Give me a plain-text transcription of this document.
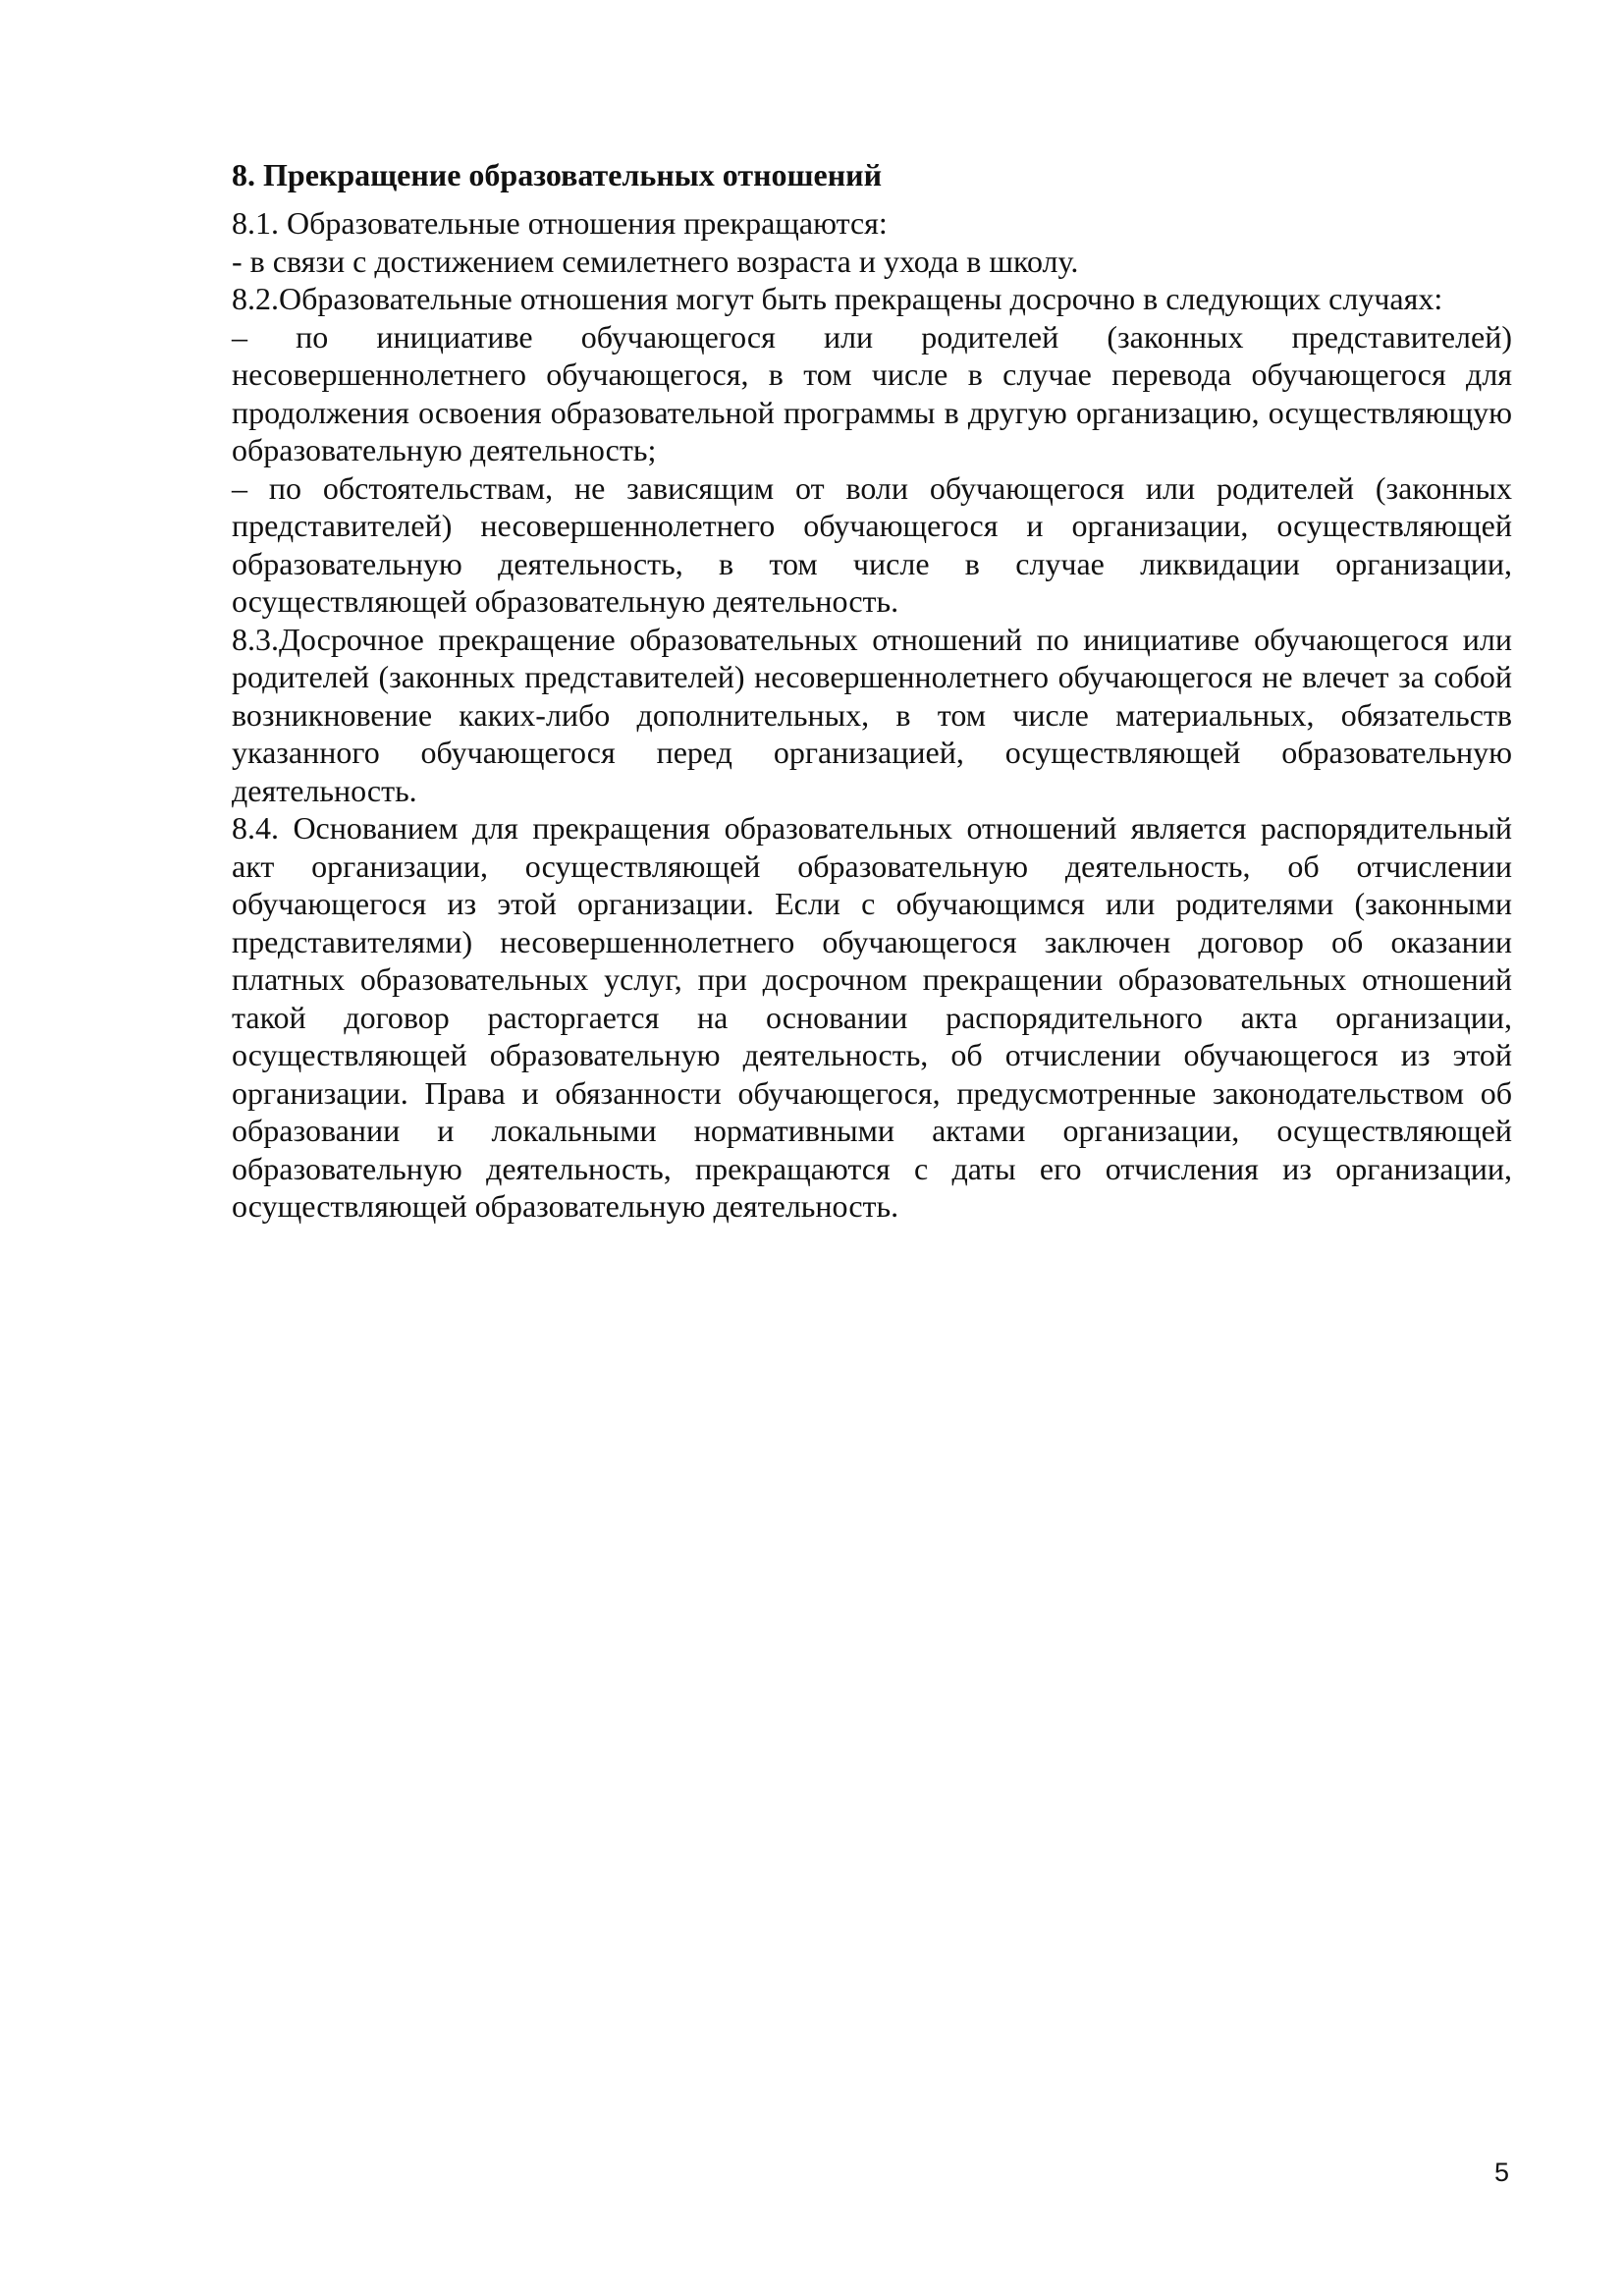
8. Прекращение образовательных отношений

8.1. Образовательные отношения прекращаются:

- в связи с достижением семилетнего возраста и ухода в школу.

8.2.Образовательные отношения могут быть прекращены досрочно в следующих случаях:

– по инициативе обучающегося или родителей (законных представителей) несовершеннолетнего обучающегося, в том числе в случае перевода обучающегося для продолжения освоения образовательной программы в другую организацию, осуществляющую образовательную деятельность;

– по обстоятельствам, не зависящим от воли обучающегося или родителей (законных представителей) несовершеннолетнего обучающегося и организации, осуществляющей образовательную деятельность, в том числе в случае ликвидации организации, осуществляющей образовательную деятельность.

8.3.Досрочное прекращение образовательных отношений по инициативе обучающегося или родителей (законных представителей) несовершеннолетнего обучающегося не влечет за собой возникновение каких-либо дополнительных, в том числе материальных, обязательств указанного обучающегося перед организацией, осуществляющей образовательную деятельность.

8.4. Основанием для прекращения образовательных отношений является распорядительный акт организации, осуществляющей образовательную деятельность, об отчислении обучающегося из этой организации. Если с обучающимся или родителями (законными представителями) несовершеннолетнего обучающегося заключен договор об оказании платных образовательных услуг, при досрочном прекращении образовательных отношений такой договор расторгается на основании распорядительного акта организации, осуществляющей образовательную деятельность, об отчислении обучающегося из этой организации. Права и обязанности обучающегося, предусмотренные законодательством об образовании и локальными нормативными актами организации, осуществляющей образовательную деятельность, прекращаются с даты его отчисления из организации, осуществляющей образовательную деятельность.

5
